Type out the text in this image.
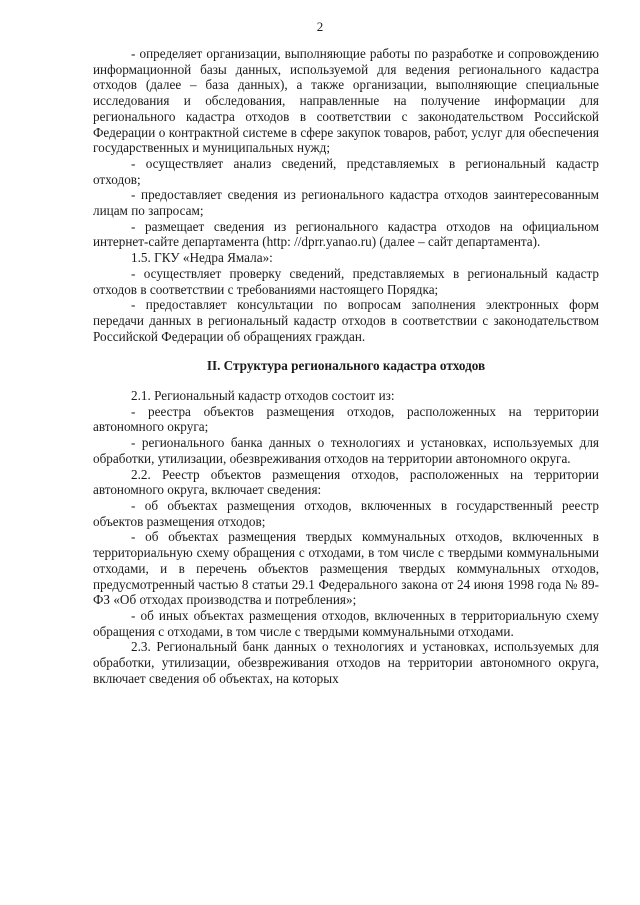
2

- определяет организации, выполняющие работы по разработке и сопровождению информационной базы данных, используемой для ведения регионального кадастра отходов (далее – база данных), а также организации, выполняющие специальные исследования и обследования, направленные на получение информации для регионального кадастра отходов в соответствии с законодательством Российской Федерации о контрактной системе в сфере закупок товаров, работ, услуг для обеспечения государственных и муниципальных нужд;

- осуществляет анализ сведений, представляемых в региональный кадастр отходов;

- предоставляет сведения из регионального кадастра отходов заинтересованным лицам по запросам;

- размещает сведения из регионального кадастра отходов на официальном интернет-сайте департамента (http: //dprr.yanao.ru) (далее – сайт департамента).

1.5. ГКУ «Недра Ямала»:

- осуществляет проверку сведений, представляемых в региональный кадастр отходов в соответствии с требованиями настоящего Порядка;

- предоставляет консультации по вопросам заполнения электронных форм передачи данных в региональный кадастр отходов в соответствии с законодательством Российской Федерации об обращениях граждан.

II. Структура регионального кадастра отходов

2.1. Региональный кадастр отходов состоит из:

- реестра объектов размещения отходов, расположенных на территории автономного округа;

- регионального банка данных о технологиях и установках, используемых для обработки, утилизации, обезвреживания отходов на территории автономного округа.

2.2. Реестр объектов размещения отходов, расположенных на территории автономного округа, включает сведения:

- об объектах размещения отходов, включенных в государственный реестр объектов размещения отходов;

- об объектах размещения твердых коммунальных отходов, включенных в территориальную схему обращения с отходами, в том числе с твердыми коммунальными отходами, и в перечень объектов размещения твердых коммунальных отходов, предусмотренный частью 8 статьи 29.1 Федерального закона от 24 июня 1998 года № 89-ФЗ «Об отходах производства и потребления»;

- об иных объектах размещения отходов, включенных в территориальную схему обращения с отходами, в том числе с твердыми коммунальными отходами.

2.3. Региональный банк данных о технологиях и установках, используемых для обработки, утилизации, обезвреживания отходов на территории автономного округа, включает сведения об объектах, на которых
